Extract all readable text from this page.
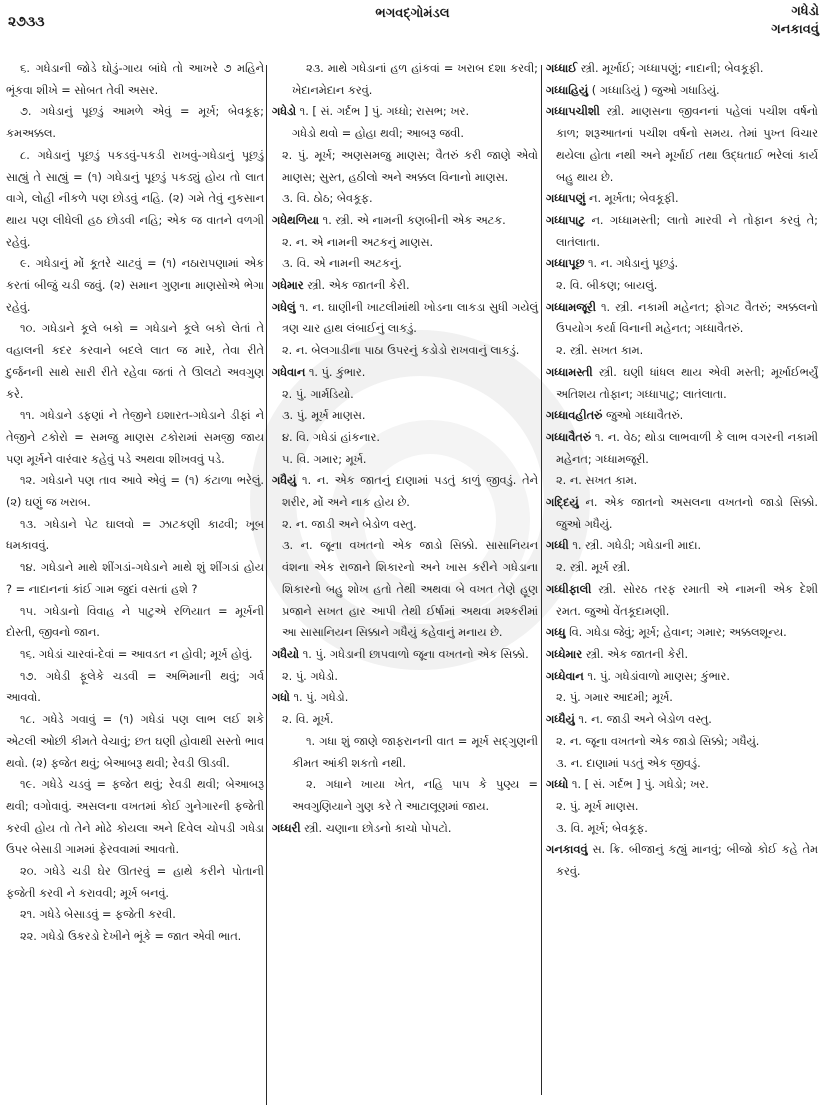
૨૭૩૩
ભગવદ્ગોમંડલ	ગધેડો
ગનકાવવું

૬. ગધેડાની જોડે ઘોડું-ગાય બાંધે તો આખરે ૭ મહિને ભૂંકવા શીખે = સોબત તેવી અસર.

૭. ગધેડાનું પૂછડું આમળે એવું = મૂર્ખ; બેવકૂફ; કમઅક્કલ.

૮. ગધેડાનું પૂછડું પકડવું-પકડી રાખવું-ગધેડાનું પૂછડું સાહ્યું તે સાહ્યું = (૧) ગધેડાનું પૂછડું પકડ્યું હોય તો લાત વાગે, લોહી નીકળે પણ છોડવું નહિ. (૨) ગમે તેવું નુકસાન થાય પણ લીધેલી હઠ છોડવી નહિ; એક જ વાતને વળગી રહેવું.

૯. ગધેડાનું મોં કૂતરે ચાટવું = (૧) નઠારાપણામાં એક કરતાં બીજું ચડી જવું. (૨) સમાન ગુણના માણસોએ ભેગા રહેવું.

૧૦. ગધેડાને કૂલે બકો = ગધેડાને કૂલે બકો લેતાં તે વહાલની કદર કરવાને બદલે લાત જ મારે, તેવા રીતે દુર્જનની સાથે સારી રીતે રહેવા જતાં તે ઊલટો અવગુણ કરે.

૧૧. ગધેડાને ડફણાં ને તેજીને ઇશારત-ગધેડાને ડીફાં ને તેજીને ટકોરો = સમજુ માણસ ટકોરામાં સમજી જાય પણ મૂર્ખને વારંવાર કહેવું પડે અથવા શીખવવું પડે.

૧૨. ગધેડાને પણ તાવ આવે એવું = (૧) કંટાળા ભરેલું. (૨) ઘણું જ ખરાબ.

૧૩. ગધેડાને પેટ ઘાલવો = ઝાટકણી કાઢવી; ખૂબ ધમકાવવું.

૧૪. ગધેડાને માથે શીંગડાં-ગધેડાને માથે શું શીંગડાં હોય ? = નાદાનનાં કાંઈ ગામ જુદાં વસતાં હશે ?

૧૫. ગધેડાનો વિવાહ ને પાટુએ રળિયાત = મૂર્ખની દોસ્તી, જીવનો જાન.

૧૬. ગધેડાં ચારવાં-દેવાં = આવડત ન હોવી; મૂર્ખ હોવું.

૧૭. ગધેડી ફૂલેકે ચડવી = અભિમાની થવું; ગર્વ આવવો.

૧૮. ગધેડે ગવાવું = (૧) ગધેડાં પણ લાભ લઈ શકે એટલી ઓછી કીમતે વેચાવું; છત ઘણી હોવાથી સસ્તો ભાવ થવો. (૨) ફજેત થવું; બેઆબરૂ થવી; રેવડી ઊડવી.

૧૯. ગધેડે ચડવું = ફજેત થવું; રેવડી થવી; બેઆબરૂ થવી; વગોવાવું. અસલના વખતમાં કોઈ ગુનેગારની ફજેતી કરવી હોય તો તેને મોઢે કોયલા અને દિવેલ ચોપડી ગધેડા ઉપર બેસાડી ગામમાં ફેરવવામાં આવતો.

૨૦. ગધેડે ચડી ઘેર ઊતરવું = હાથે કરીને પોતાની ફજેતી કરવી ને કરાવવી; મૂર્ખ બનવું.

૨૧. ગધેડે બેસાડવું = ફજેતી કરવી.

૨૨. ગધેડો ઉકરડો દેખીને ભૂંકે = જાત એવી ભાત.

૨૩. માથે ગધેડાનાં હળ હાંકવાં = ખરાબ દશા કરવી; ખેદાનમેદાન કરવું.

ગધેડો ૧. [ સં. ગર્દભ ] પું. ગધ્ધો; રાસભ; ખર.

ગધેડો થવો = હોહા થવી; આબરૂ જવી.

૨. પું. મૂર્ખ; અણસમજુ માણસ; વૈતરું કરી જાણે એવો માણસ; સુસ્ત, હઠીલો અને અક્કલ વિનાનો માણસ.

૩. વિ. ઠોઠ; બેવકૂફ.

ગધેથળિયા ૧. સ્ત્રી. એ નામની કણબીની એક અટક.

૨. ન. એ નામની અટકનું માણસ.

૩. વિ. એ નામની અટકનું.

ગધેમાર સ્ત્રી. એક જાતની કેરી.

ગધેલું ૧. ન. ઘાણીની ખાટલીમાંથી ખોડના લાકડા સુધી ગયેલું ત્રણ ચાર હાથ લંબાઈનું લાકડું.

૨. ન. બેલગાડીના પાઠા ઉપરનું કડોડો રાખવાનું લાકડું.

ગધેવાન ૧. પું. કુંભાર.

૨. પું. ગાર્મડિયો.

૩. પું. મૂર્ખ માણસ.

૪. વિ. ગધેડાં હાંકનાર.

૫. વિ. ગમાર; મૂર્ખ.

ગધૈયું ૧. ન. એક જાતનું દાણામાં પડતું કાળું જીવડું. તેને શરીર, મોં અને નાક હોય છે.

૨. ન. જાડી અને બેડોળ વસ્તુ.

૩. ન. જૂના વખતનો એક જાડો સિક્કો. સાસાનિયન વંશના એક રાજાને શિકારનો અને ખાસ કરીને ગધેડાના શિકારનો બહુ શોખ હતો તેથી અથવા બે વખત તેણે હૂણ પ્રજાને સખત હાર આપી તેથી ઈર્ષામાં અથવા મશ્કરીમાં આ સાસાનિયન સિક્કાને ગધૈયું કહેવાનું મનાય છે.

ગધૈયો ૧. પું. ગધેડાની છાપવાળો જૂના વખતનો એક સિક્કો.

૨. પું. ગધેડો.

ગધો ૧. પું. ગધેડો.

૨. વિ. મૂર્ખ.

૧. ગધા શું જાણે જાફરાનની વાત = મૂર્ખ સદ્ગુણની કીમત આંકી શકતો નથી.

૨. ગધાને ખાયા ખેત, નહિ પાપ કે પુણ્ય = અવગુણિયાને ગુણ કરે તે આટાલૂણમાં જાય.

ગધ્ધરી સ્ત્રી. ચણાના છોડનો કાચો પોપટો.

ગધ્ધાઈ સ્ત્રી. મૂર્ખાઈ; ગધ્ધાપણું; નાદાની; બેવકૂફી.

ગધ્ધાહિયું ( ગધ્ધાડિયું ) જુઓ ગધાડિયું.

ગધ્ધાપચીશી સ્ત્રી. માણસના જીવનનાં પહેલાં પચીશ વર્ષનો કાળ; શરૂઆતનાં પચીશ વર્ષનો સમય. તેમાં પુખ્ત વિચાર થયેલા હોતા નથી અને મૂર્ખાઈ તથા ઉદ્ધતાઈ ભરેલાં કાર્ય બહુ થાય છે.

ગધ્ધાપણું ન. મૂર્ખતા; બેવકૂફી.

ગધ્ધાપાટુ ન. ગધ્ધામસ્તી; લાતો મારવી ને તોફાન કરવું તે; લાતંલાતા.

ગધ્ધાપૂછ ૧. ન. ગધેડાનું પૂછડું.

૨. વિ. બીકણ; બાયલું.

ગધ્ધામજૂરી ૧. સ્ત્રી. નકામી મહેનત; ફોગટ વૈતરું; અક્કલનો ઉપયોગ કર્યા વિનાની મહેનત; ગધ્ધાવૈતરું.

૨. સ્ત્રી. સખત કામ.

ગધ્ધામસ્તી સ્ત્રી. ઘણી ધાંધલ થાય એવી મસ્તી; મૂર્ખાઈભર્યું અતિશય તોફાન; ગધ્ધાપાટુ; લાતંલાતા.

ગધ્ધાવહીતરું જુઓ ગધ્ધાવૈતરું.

ગધ્ધાવૈતરું ૧. ન. વેઠ; થોડા લાભવાળી કે લાભ વગરની નકામી મહેનત; ગધ્ધામજૂરી.

૨. ન. સખત કામ.

ગદ્દિયું ન. એક જાતનો અસલના વખતનો જાડો સિક્કો. જુઓ ગધૈયું.

ગધ્ધી ૧. સ્ત્રી. ગધેડી; ગધેડાની માદા.

૨. સ્ત્રી. મૂર્ખ સ્ત્રી.

ગધ્ધીફાલી સ્ત્રી. સોરઠ તરફ રમાતી એ નામની એક દેશી રમત. જુઓ વેંતકૂદામણી.

ગધ્ધુ વિ. ગધેડા જેવું; મૂર્ખ; હેવાન; ગમાર; અક્કલશૂન્ય.

ગધ્ધેમાર સ્ત્રી. એક જાતની કેરી.

ગધ્ધેવાન ૧. પું. ગધેડાંવાળો માણસ; કુંભાર.

૨. પું. ગમાર આદમી; મૂર્ખ.

ગધ્ધૈયું ૧. ન. જાડી અને બેડોળ વસ્તુ.

૨. ન. જૂના વખતનો એક જાડો સિક્કો; ગધૈયું.

૩. ન. દાણામાં પડતું એક જીવડું.

ગધ્ધો ૧. [ સં. ગર્દભ ] પું. ગધેડો; ખર.

૨. પું. મૂર્ખ માણસ.

૩. વિ. મૂર્ખ; બેવકૂફ.

ગનકાવવું સ. ક્રિ. બીજાનું કહ્યું માનવું; બીજો કોઈ કહે તેમ કરવું.
